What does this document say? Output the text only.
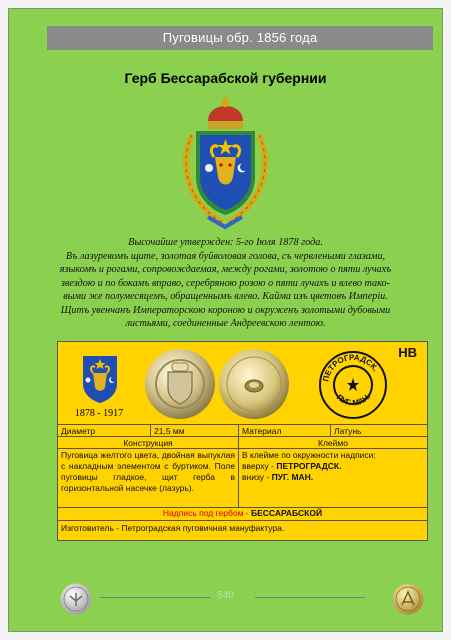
Пуговицы обр. 1856 года
Герб Бессарабской губернии

Высочайше утвержден: 5-го Іюля 1878 года.

Въ лазуревомъ щите, золотая буйволовая голова, съ червлеными глазами,

языкомъ и рогами, сопровождаемая, между рогами, золотою о пяти лучахъ

звездою и по бокамъ вправо, серебряною розою о пяти лучахъ и влево тако-

выми же полумесяцемъ, обращеннымъ влево. Кайма изъ цветовъ Имперіи.

Щитъ увенчанъ Императорскою короною и окруженъ золотыми дубовыми

листьями, соединенные Андреевскою лентою.

НВ
1878 - 1917
ПЕТРОГРАДСК.
ПУГ. МАН.
Диаметр	21,5 мм	Материал	Латунь
Конструкция	Клеймо
Пуговица желтого цвета, двойная выпуклая с накладным элементом с буртиком. Поле пуговицы гладкое, щит герба в горизонтальной насечке (лазурь).
В клейме по окружности надписи:
вверху - ПЕТРОГРАДСК.
внизу - ПУГ. МАН.
Надпись под гербом - БЕССАРАБСКОЙ
Изготовитель - Петроградская пуговичная мануфактура.
540
